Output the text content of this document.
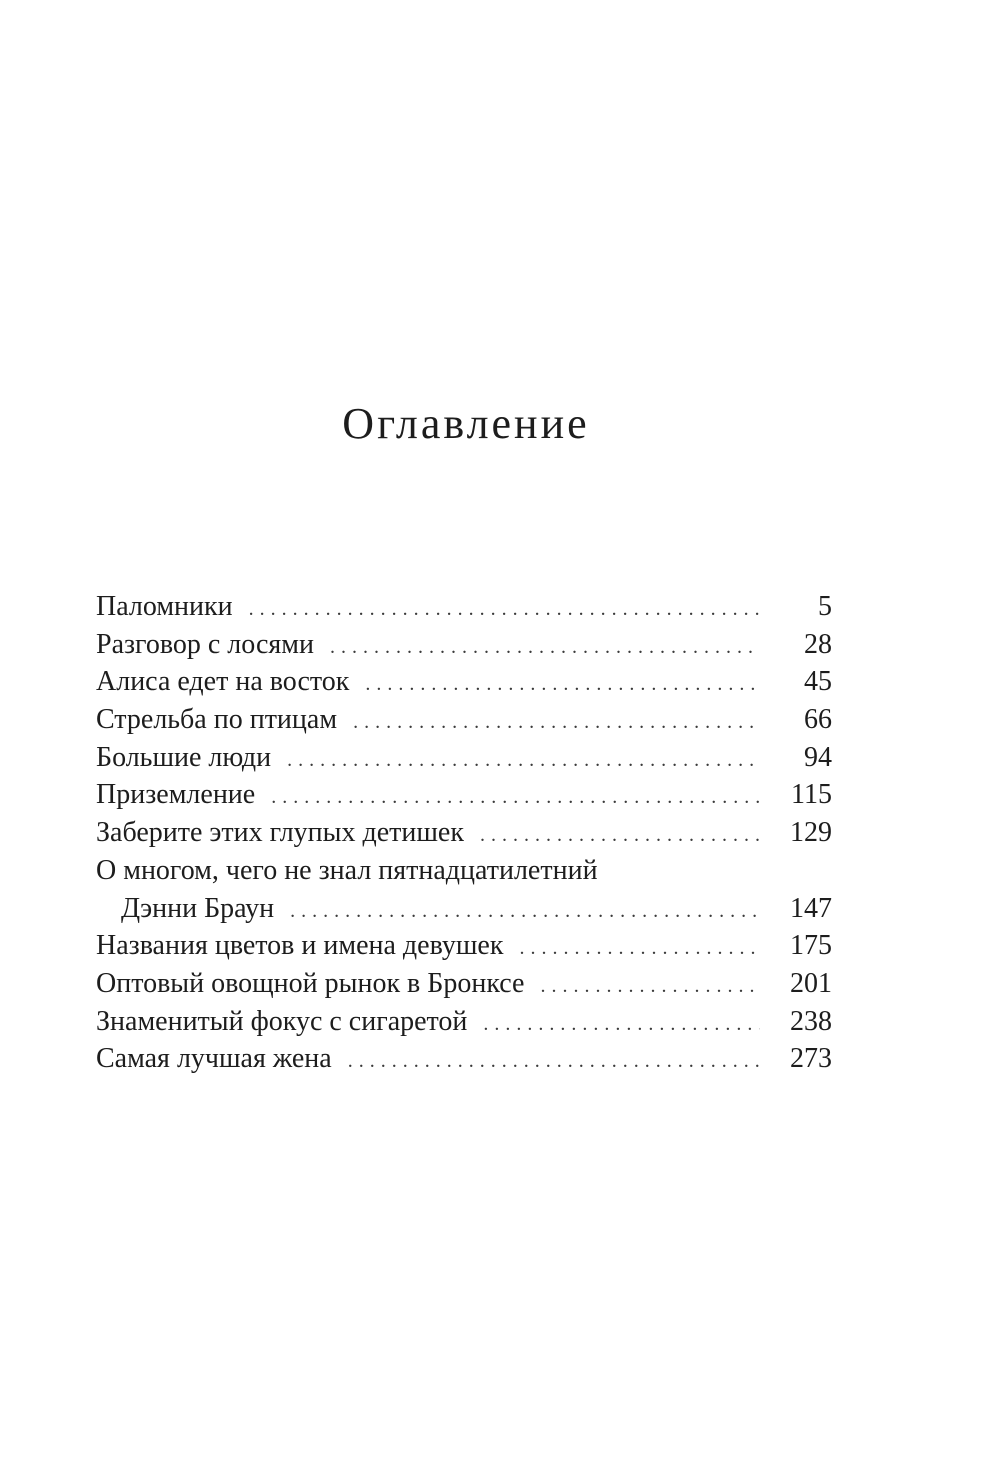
Оглавление
Паломники . . .	5
Разговор с лосями . . .	28
Алиса едет на восток . . .	45
Стрельба по птицам . . .	66
Большие люди . . .	94
Приземление . . .	115
Заберите этих глупых детишек . . .	129
О многом, чего не знал пятнадцатилетний
Дэнни Браун . . .	147
Названия цветов и имена девушек . . .	175
Оптовый овощной рынок в Бронксе . . .	201
Знаменитый фокус с сигаретой . . .	238
Самая лучшая жена . . .	273
